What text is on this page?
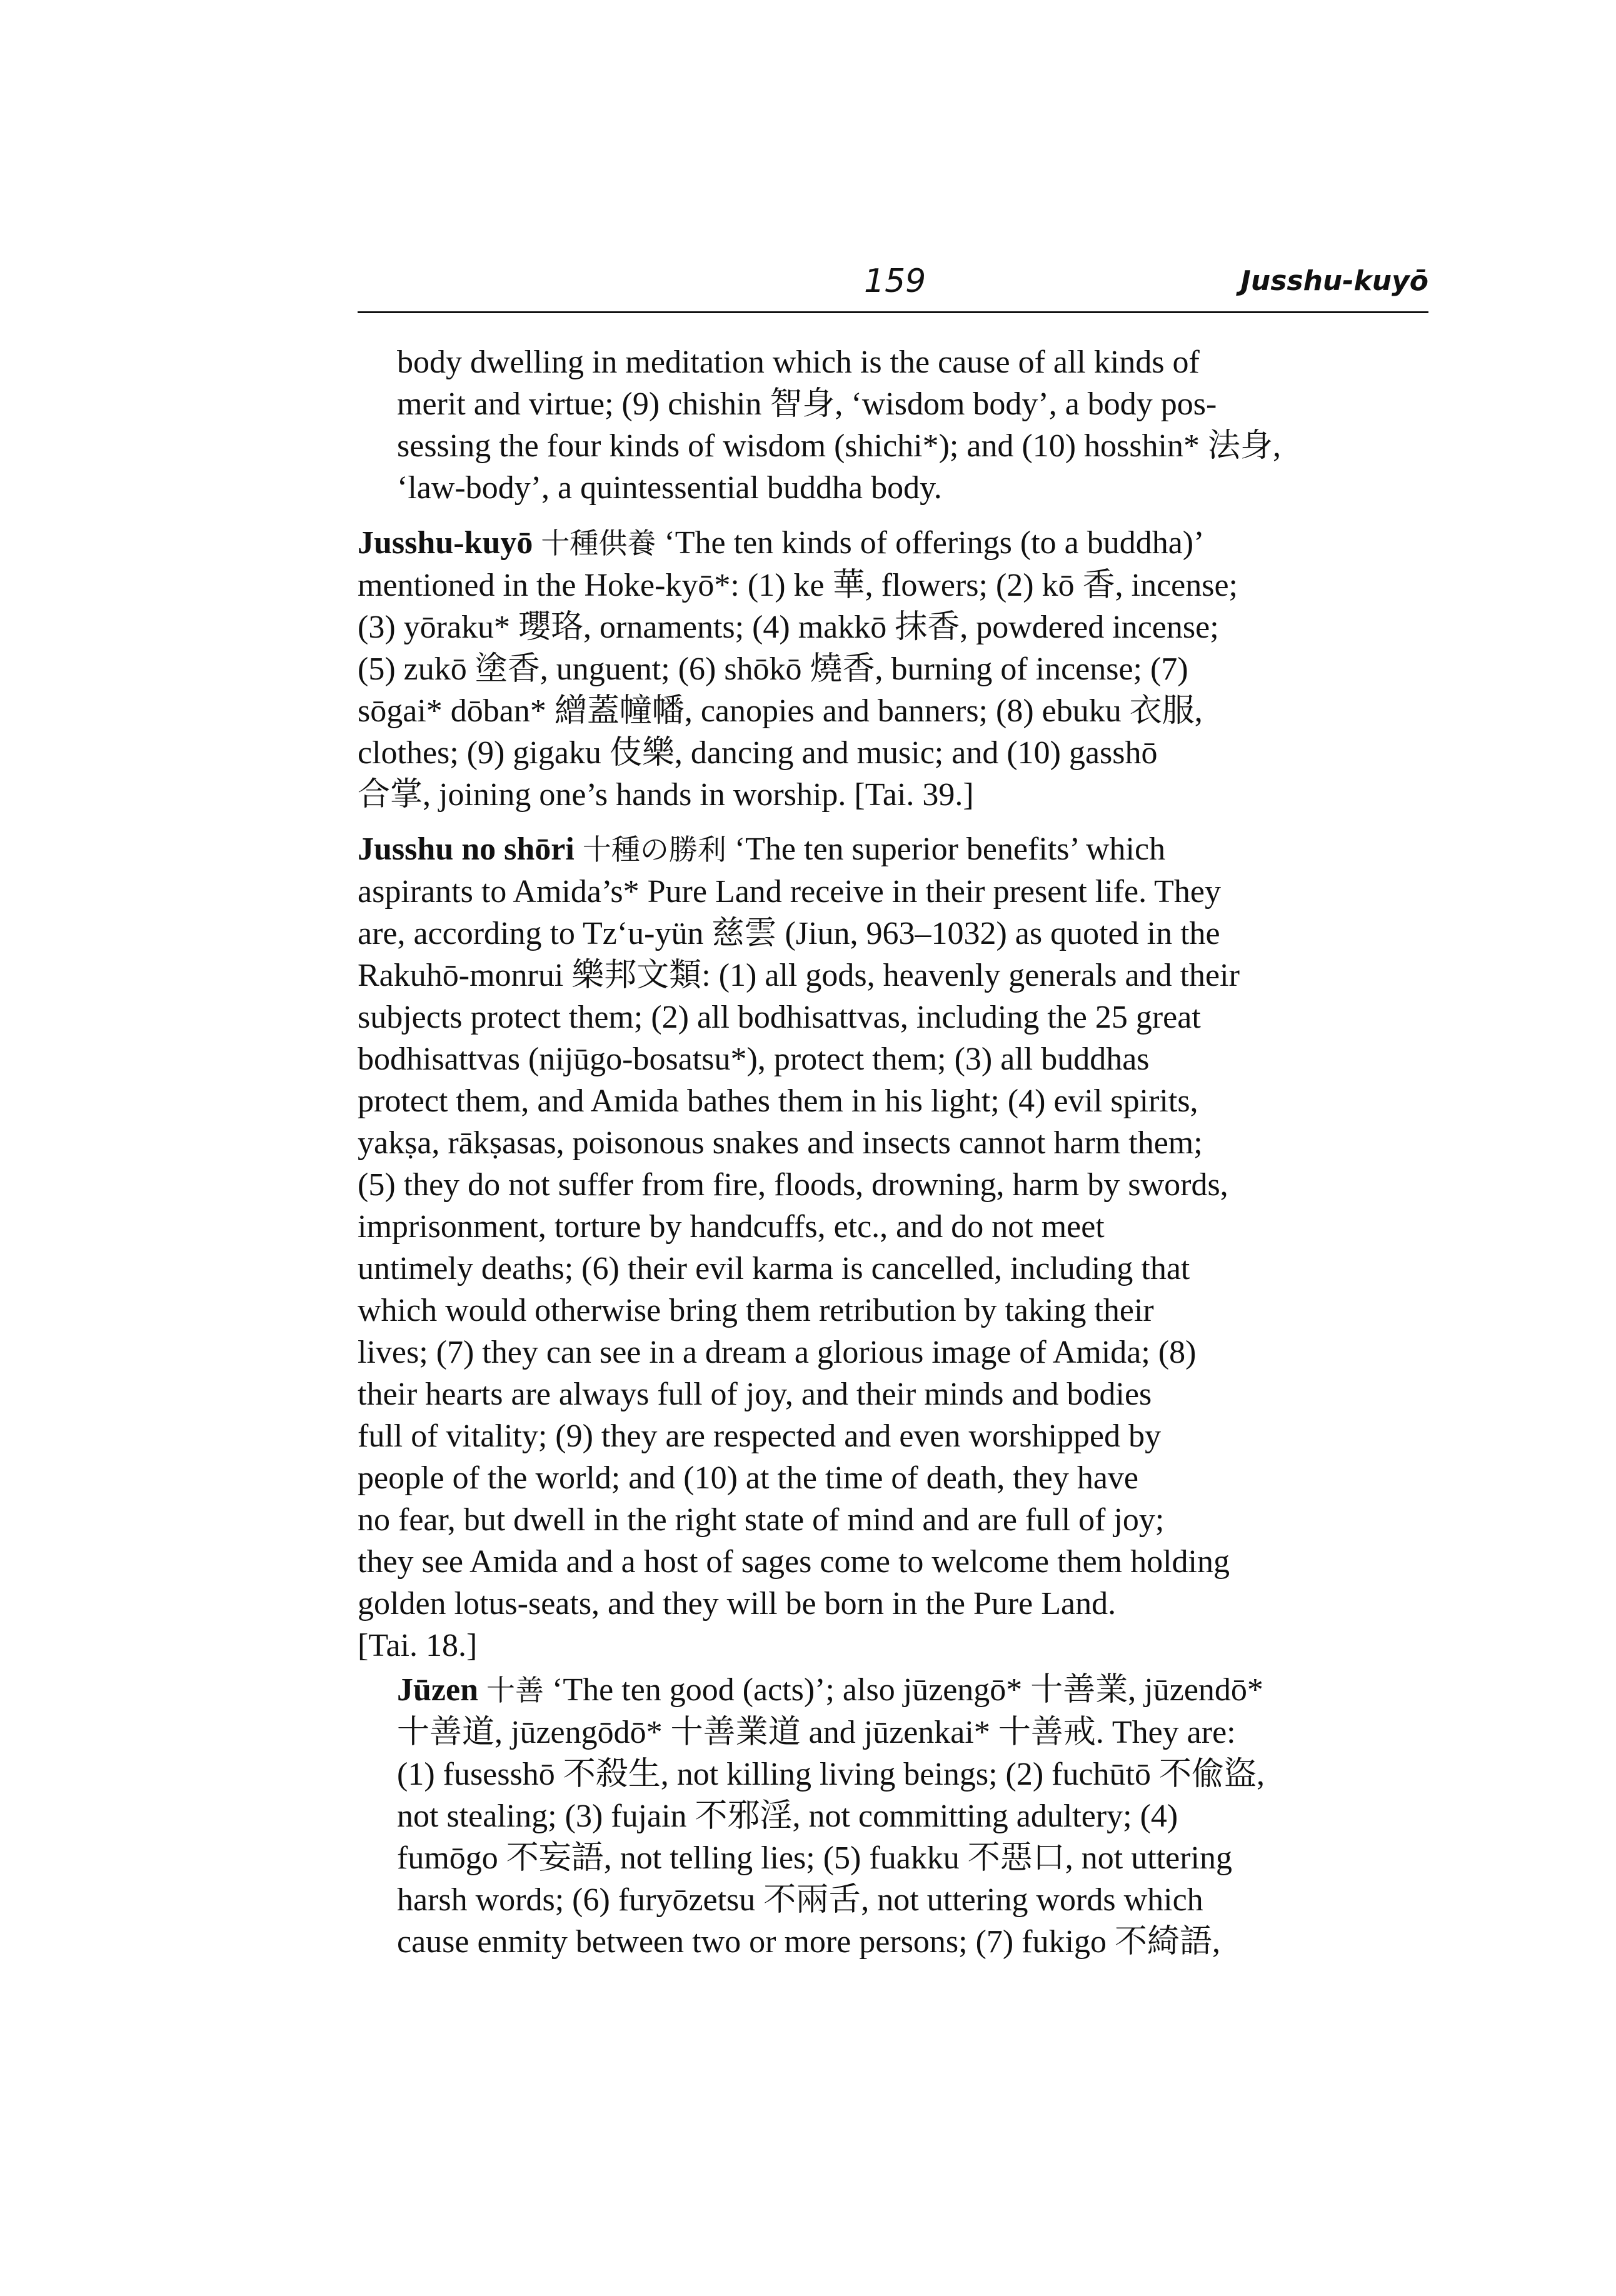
159	Jusshu-kuyō
body dwelling in meditation which is the cause of all kinds of
merit and virtue; (9) chishin 智身, ‘wisdom body’, a body pos-
sessing the four kinds of wisdom (shichi*); and (10) hosshin* 法身,
‘law-body’, a quintessential buddha body.
Jusshu-kuyō 十種供養 ‘The ten kinds of offerings (to a buddha)’
mentioned in the Hoke-kyō*: (1) ke 華, flowers; (2) kō 香, incense;
(3) yōraku* 瓔珞, ornaments; (4) makkō 抹香, powdered incense;
(5) zukō 塗香, unguent; (6) shōkō 燒香, burning of incense; (7)
sōgai* dōban* 繒蓋幢幡, canopies and banners; (8) ebuku 衣服,
clothes; (9) gigaku 伎樂, dancing and music; and (10) gasshō
合掌, joining one’s hands in worship. [Tai. 39.]
Jusshu no shōri 十種の勝利 ‘The ten superior benefits’ which
aspirants to Amida’s* Pure Land receive in their present life. They
are, according to Tz‘u-yün 慈雲 (Jiun, 963–1032) as quoted in the
Rakuhō-monrui 樂邦文類: (1) all gods, heavenly generals and their
subjects protect them; (2) all bodhisattvas, including the 25 great
bodhisattvas (nijūgo-bosatsu*), protect them; (3) all buddhas
protect them, and Amida bathes them in his light; (4) evil spirits,
yakṣa, rākṣasas, poisonous snakes and insects cannot harm them;
(5) they do not suffer from fire, floods, drowning, harm by swords,
imprisonment, torture by handcuffs, etc., and do not meet
untimely deaths; (6) their evil karma is cancelled, including that
which would otherwise bring them retribution by taking their
lives; (7) they can see in a dream a glorious image of Amida; (8)
their hearts are always full of joy, and their minds and bodies
full of vitality; (9) they are respected and even worshipped by
people of the world; and (10) at the time of death, they have
no fear, but dwell in the right state of mind and are full of joy;
they see Amida and a host of sages come to welcome them holding
golden lotus-seats, and they will be born in the Pure Land.
[Tai. 18.]
Jūzen 十善 ‘The ten good (acts)’; also jūzengō* 十善業, jūzendō*
十善道, jūzengōdō* 十善業道 and jūzenkai* 十善戒. They are:
(1) fusesshō 不殺生, not killing living beings; (2) fuchūtō 不偸盜,
not stealing; (3) fujain 不邪淫, not committing adultery; (4)
fumōgo 不妄語, not telling lies; (5) fuakku 不惡口, not uttering
harsh words; (6) furyōzetsu 不兩舌, not uttering words which
cause enmity between two or more persons; (7) fukigo 不綺語,
